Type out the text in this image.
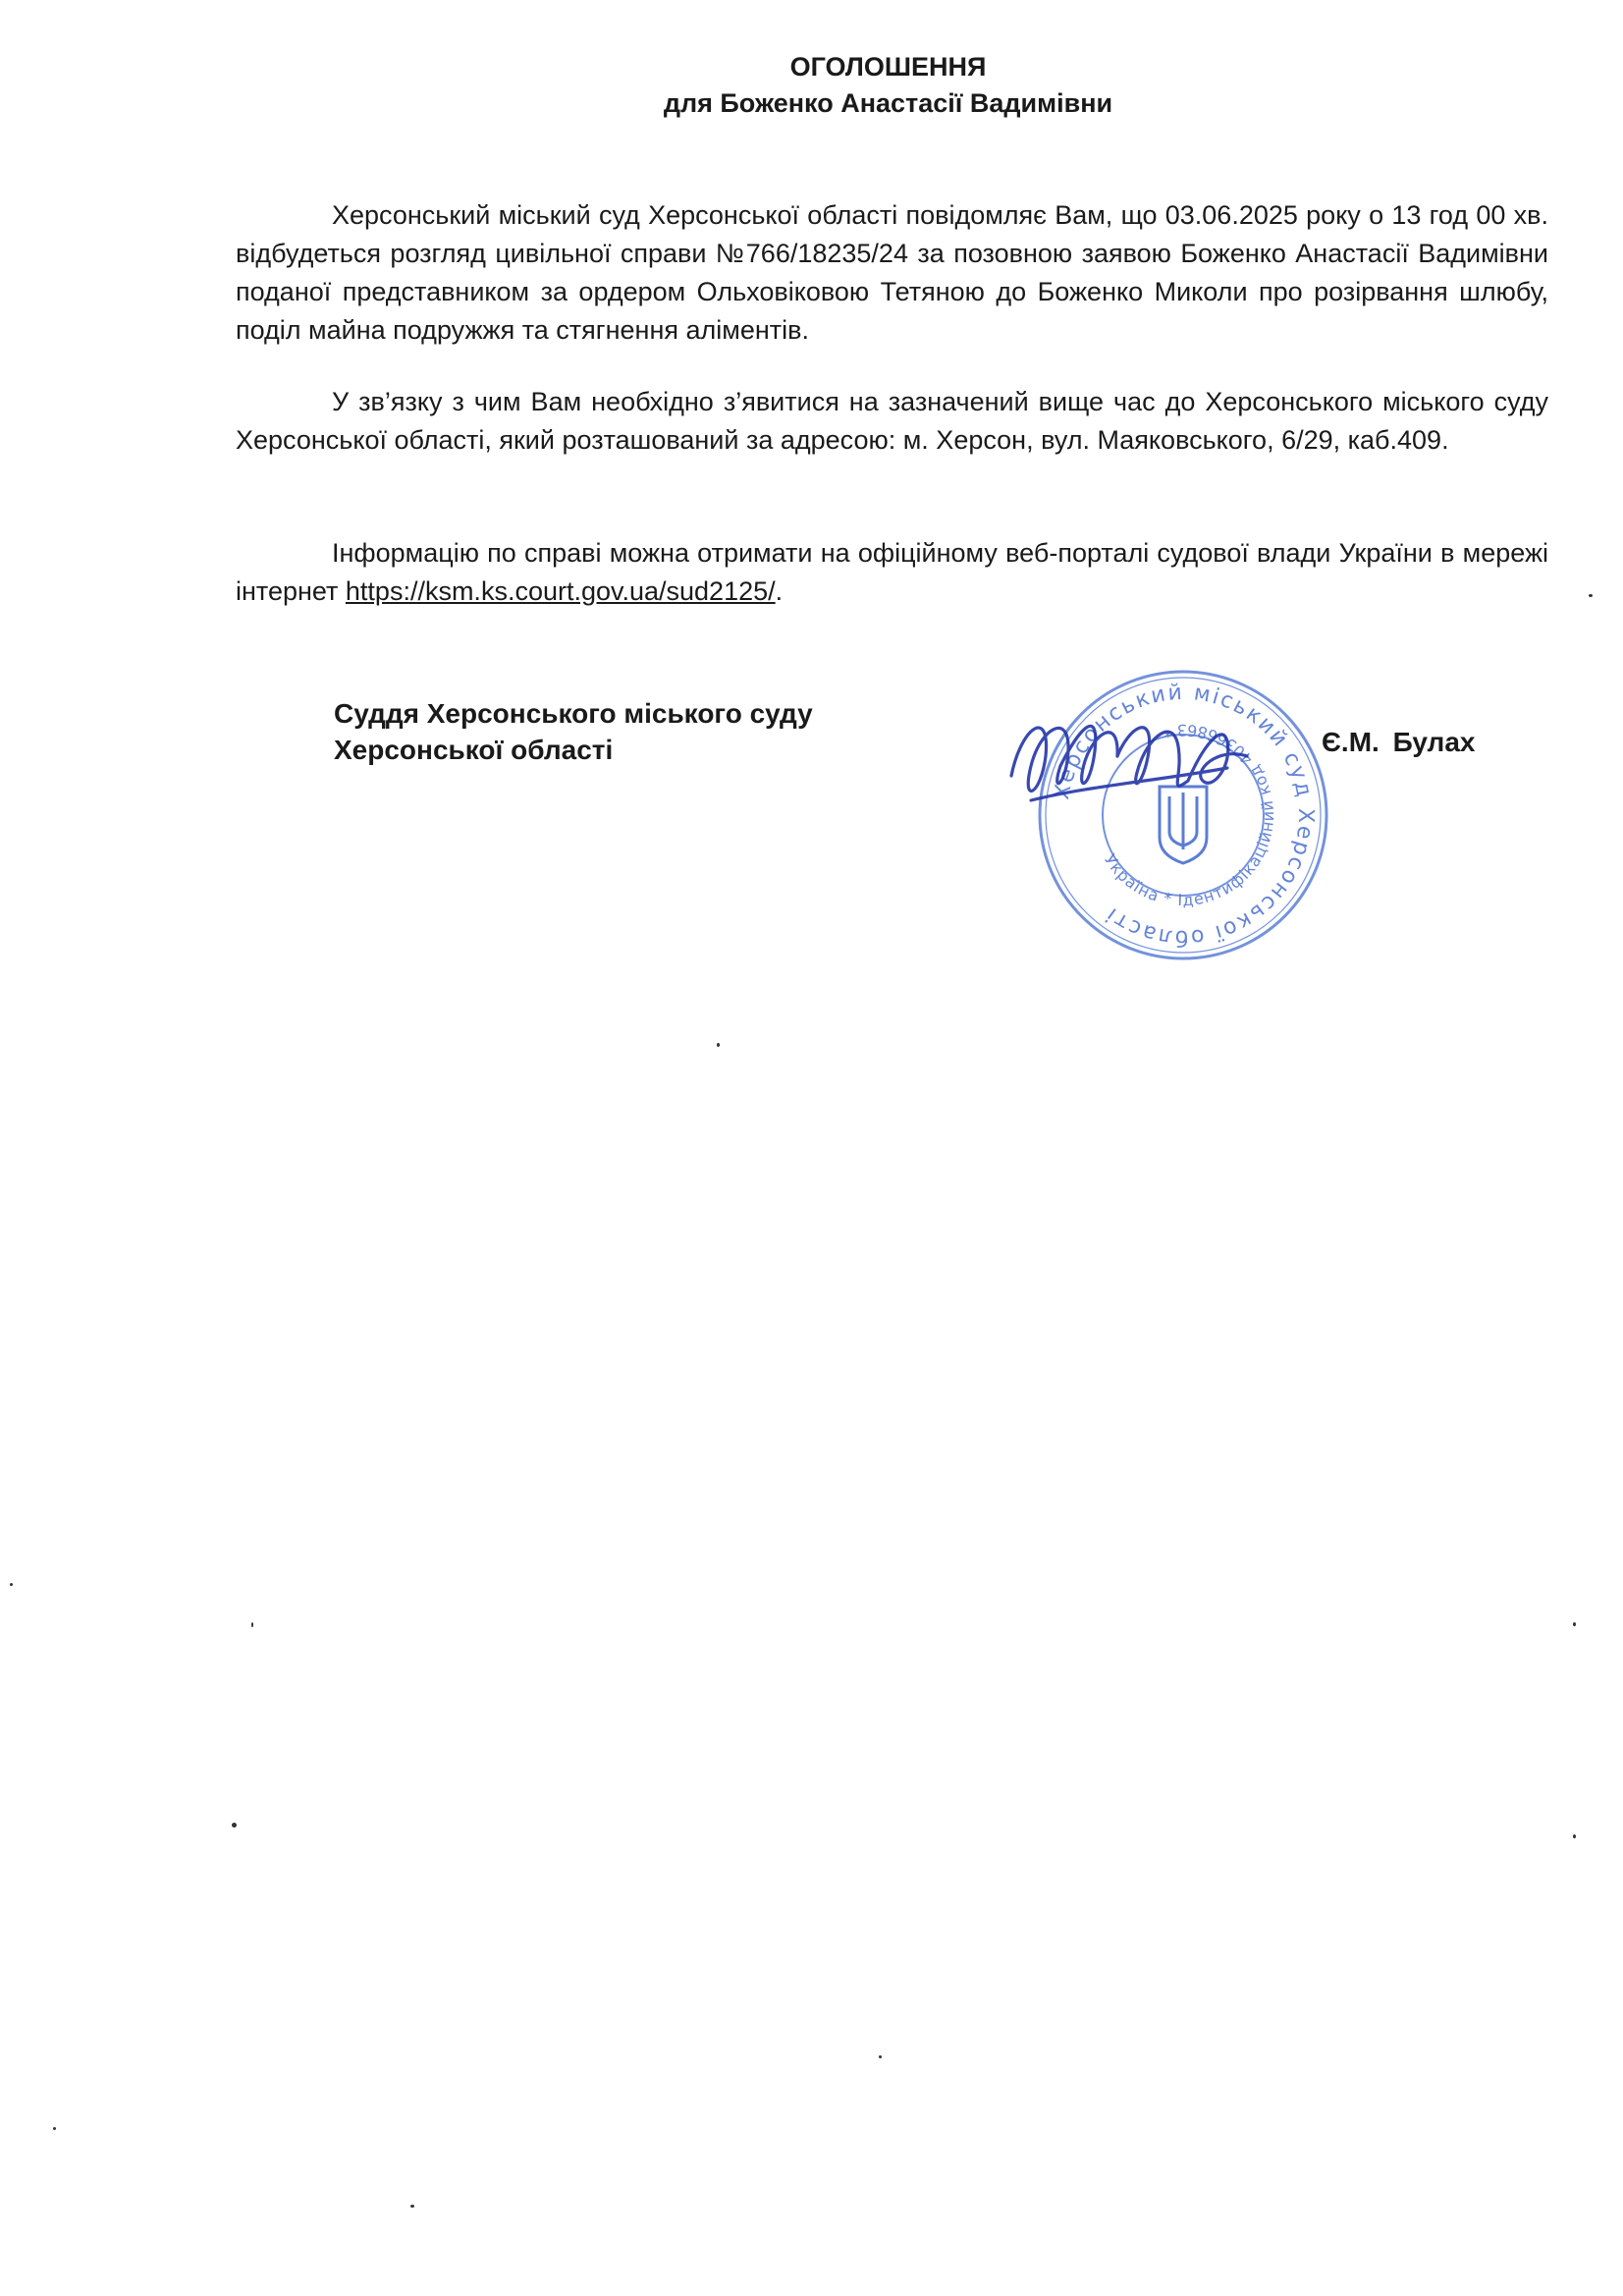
ОГОЛОШЕННЯ
для Боженко Анастасії Вадимівни

Херсонський міський суд Херсонської області повідомляє Вам, що 03.06.2025 року о 13 год 00 хв. відбудеться розгляд цивільної справи №766/18235/24 за позовною заявою Боженко Анастасії Вадимівни поданої представником за ордером Ольховіковою Тетяною до Боженко Миколи про розірвання шлюбу, поділ майна подружжя та стягнення аліментів.

У зв’язку з чим Вам необхідно з’явитися на зазначений вище час до Херсонського міського суду Херсонської області, який розташований за адресою: м. Херсон, вул. Маяковського, 6/29, каб.409.

Інформацію по справі можна отримати на офіційному веб-порталі судової влади України в мережі інтернет https://ksm.ks.court.gov.ua/sud2125/.

Суддя Херсонського міського суду
Херсонської області
Херсонський міський суд Херсонської області
Україна * Ідентифікаційний код 40366863 *	Є.М. Булах
